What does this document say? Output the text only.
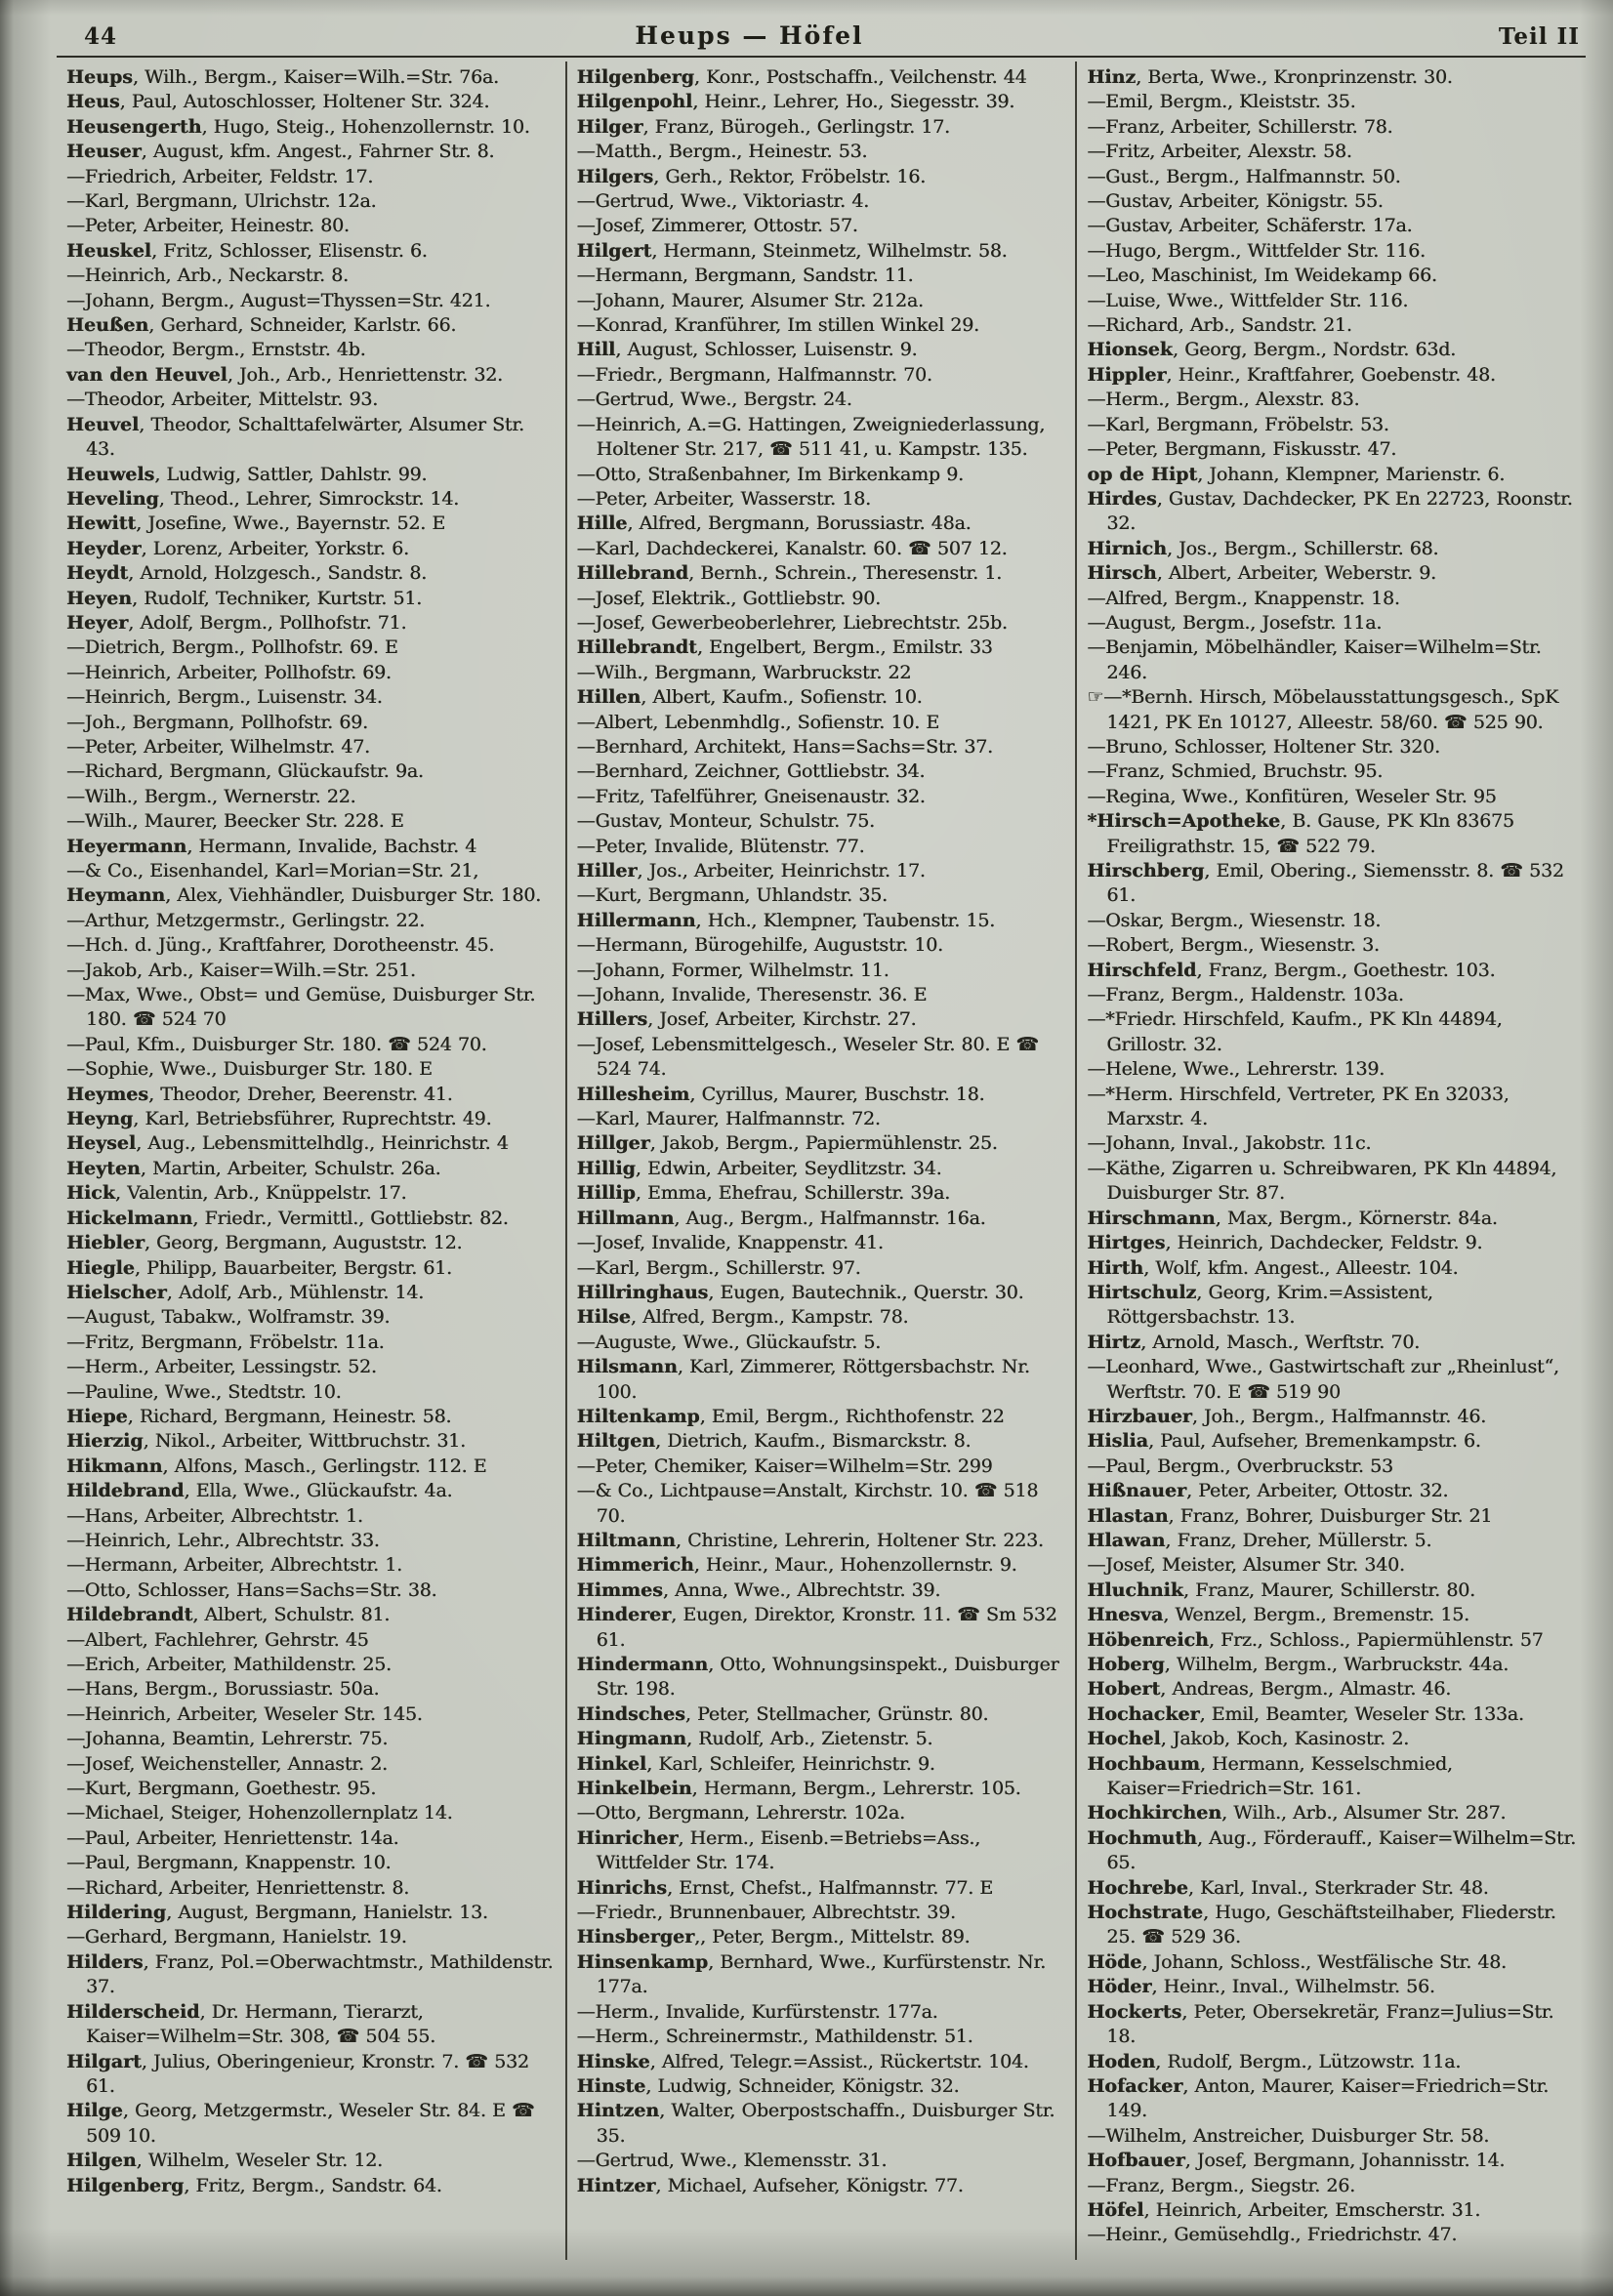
44	Heups — Höfel	Teil II

Heups, Wilh., Bergm., Kaiser=Wilh.=Str. 76a.

Heus, Paul, Autoschlosser, Holtener Str. 324.

Heusengerth, Hugo, Steig., Hohenzollernstr. 10.

Heuser, August, kfm. Angest., Fahrner Str. 8.

—Friedrich, Arbeiter, Feldstr. 17.

—Karl, Bergmann, Ulrichstr. 12a.

—Peter, Arbeiter, Heinestr. 80.

Heuskel, Fritz, Schlosser, Elisenstr. 6.

—Heinrich, Arb., Neckarstr. 8.

—Johann, Bergm., August=Thyssen=Str. 421.

Heußen, Gerhard, Schneider, Karlstr. 66.

—Theodor, Bergm., Ernststr. 4b.

van den Heuvel, Joh., Arb., Henriettenstr. 32.

—Theodor, Arbeiter, Mittelstr. 93.

Heuvel, Theodor, Schalttafelwärter, Alsumer Str. 43.

Heuwels, Ludwig, Sattler, Dahlstr. 99.

Heveling, Theod., Lehrer, Simrockstr. 14.

Hewitt, Josefine, Wwe., Bayernstr. 52. E

Heyder, Lorenz, Arbeiter, Yorkstr. 6.

Heydt, Arnold, Holzgesch., Sandstr. 8.

Heyen, Rudolf, Techniker, Kurtstr. 51.

Heyer, Adolf, Bergm., Pollhofstr. 71.

—Dietrich, Bergm., Pollhofstr. 69. E

—Heinrich, Arbeiter, Pollhofstr. 69.

—Heinrich, Bergm., Luisenstr. 34.

—Joh., Bergmann, Pollhofstr. 69.

—Peter, Arbeiter, Wilhelmstr. 47.

—Richard, Bergmann, Glückaufstr. 9a.

—Wilh., Bergm., Wernerstr. 22.

—Wilh., Maurer, Beecker Str. 228. E

Heyermann, Hermann, Invalide, Bachstr. 4

—& Co., Eisenhandel, Karl=Morian=Str. 21,

Heymann, Alex, Viehhändler, Duisburger Str. 180.

—Arthur, Metzgermstr., Gerlingstr. 22.

—Hch. d. Jüng., Kraftfahrer, Dorotheenstr. 45.

—Jakob, Arb., Kaiser=Wilh.=Str. 251.

—Max, Wwe., Obst= und Gemüse, Duisburger Str. 180. ☎ 524 70

—Paul, Kfm., Duisburger Str. 180. ☎ 524 70.

—Sophie, Wwe., Duisburger Str. 180. E

Heymes, Theodor, Dreher, Beerenstr. 41.

Heyng, Karl, Betriebsführer, Ruprechtstr. 49.

Heysel, Aug., Lebensmittelhdlg., Heinrichstr. 4

Heyten, Martin, Arbeiter, Schulstr. 26a.

Hick, Valentin, Arb., Knüppelstr. 17.

Hickelmann, Friedr., Vermittl., Gottliebstr. 82.

Hiebler, Georg, Bergmann, Auguststr. 12.

Hiegle, Philipp, Bauarbeiter, Bergstr. 61.

Hielscher, Adolf, Arb., Mühlenstr. 14.

—August, Tabakw., Wolframstr. 39.

—Fritz, Bergmann, Fröbelstr. 11a.

—Herm., Arbeiter, Lessingstr. 52.

—Pauline, Wwe., Stedtstr. 10.

Hiepe, Richard, Bergmann, Heinestr. 58.

Hierzig, Nikol., Arbeiter, Wittbruchstr. 31.

Hikmann, Alfons, Masch., Gerlingstr. 112. E

Hildebrand, Ella, Wwe., Glückaufstr. 4a.

—Hans, Arbeiter, Albrechtstr. 1.

—Heinrich, Lehr., Albrechtstr. 33.

—Hermann, Arbeiter, Albrechtstr. 1.

—Otto, Schlosser, Hans=Sachs=Str. 38.

Hildebrandt, Albert, Schulstr. 81.

—Albert, Fachlehrer, Gehrstr. 45

—Erich, Arbeiter, Mathildenstr. 25.

—Hans, Bergm., Borussiastr. 50a.

—Heinrich, Arbeiter, Weseler Str. 145.

—Johanna, Beamtin, Lehrerstr. 75.

—Josef, Weichensteller, Annastr. 2.

—Kurt, Bergmann, Goethestr. 95.

—Michael, Steiger, Hohenzollernplatz 14.

—Paul, Arbeiter, Henriettenstr. 14a.

—Paul, Bergmann, Knappenstr. 10.

—Richard, Arbeiter, Henriettenstr. 8.

Hildering, August, Bergmann, Hanielstr. 13.

—Gerhard, Bergmann, Hanielstr. 19.

Hilders, Franz, Pol.=Oberwachtmstr., Mathildenstr. 37.

Hilderscheid, Dr. Hermann, Tierarzt, Kaiser=Wilhelm=Str. 308, ☎ 504 55.

Hilgart, Julius, Oberingenieur, Kronstr. 7. ☎ 532 61.

Hilge, Georg, Metzgermstr., Weseler Str. 84. E ☎ 509 10.

Hilgen, Wilhelm, Weseler Str. 12.

Hilgenberg, Fritz, Bergm., Sandstr. 64.

Hilgenberg, Konr., Postschaffn., Veilchenstr. 44

Hilgenpohl, Heinr., Lehrer, Ho., Siegesstr. 39.

Hilger, Franz, Bürogeh., Gerlingstr. 17.

—Matth., Bergm., Heinestr. 53.

Hilgers, Gerh., Rektor, Fröbelstr. 16.

—Gertrud, Wwe., Viktoriastr. 4.

—Josef, Zimmerer, Ottostr. 57.

Hilgert, Hermann, Steinmetz, Wilhelmstr. 58.

—Hermann, Bergmann, Sandstr. 11.

—Johann, Maurer, Alsumer Str. 212a.

—Konrad, Kranführer, Im stillen Winkel 29.

Hill, August, Schlosser, Luisenstr. 9.

—Friedr., Bergmann, Halfmannstr. 70.

—Gertrud, Wwe., Bergstr. 24.

—Heinrich, A.=G. Hattingen, Zweigniederlassung, Holtener Str. 217, ☎ 511 41, u. Kampstr. 135.

—Otto, Straßenbahner, Im Birkenkamp 9.

—Peter, Arbeiter, Wasserstr. 18.

Hille, Alfred, Bergmann, Borussiastr. 48a.

—Karl, Dachdeckerei, Kanalstr. 60. ☎ 507 12.

Hillebrand, Bernh., Schrein., Theresenstr. 1.

—Josef, Elektrik., Gottliebstr. 90.

—Josef, Gewerbeoberlehrer, Liebrechtstr. 25b.

Hillebrandt, Engelbert, Bergm., Emilstr. 33

—Wilh., Bergmann, Warbruckstr. 22

Hillen, Albert, Kaufm., Sofienstr. 10.

—Albert, Lebenmhdlg., Sofienstr. 10. E

—Bernhard, Architekt, Hans=Sachs=Str. 37.

—Bernhard, Zeichner, Gottliebstr. 34.

—Fritz, Tafelführer, Gneisenaustr. 32.

—Gustav, Monteur, Schulstr. 75.

—Peter, Invalide, Blütenstr. 77.

Hiller, Jos., Arbeiter, Heinrichstr. 17.

—Kurt, Bergmann, Uhlandstr. 35.

Hillermann, Hch., Klempner, Taubenstr. 15.

—Hermann, Bürogehilfe, Auguststr. 10.

—Johann, Former, Wilhelmstr. 11.

—Johann, Invalide, Theresenstr. 36. E

Hillers, Josef, Arbeiter, Kirchstr. 27.

—Josef, Lebensmittelgesch., Weseler Str. 80. E ☎ 524 74.

Hillesheim, Cyrillus, Maurer, Buschstr. 18.

—Karl, Maurer, Halfmannstr. 72.

Hillger, Jakob, Bergm., Papiermühlenstr. 25.

Hillig, Edwin, Arbeiter, Seydlitzstr. 34.

Hillip, Emma, Ehefrau, Schillerstr. 39a.

Hillmann, Aug., Bergm., Halfmannstr. 16a.

—Josef, Invalide, Knappenstr. 41.

—Karl, Bergm., Schillerstr. 97.

Hillringhaus, Eugen, Bautechnik., Querstr. 30.

Hilse, Alfred, Bergm., Kampstr. 78.

—Auguste, Wwe., Glückaufstr. 5.

Hilsmann, Karl, Zimmerer, Röttgersbachstr. Nr. 100.

Hiltenkamp, Emil, Bergm., Richthofenstr. 22

Hiltgen, Dietrich, Kaufm., Bismarckstr. 8.

—Peter, Chemiker, Kaiser=Wilhelm=Str. 299

—& Co., Lichtpause=Anstalt, Kirchstr. 10. ☎ 518 70.

Hiltmann, Christine, Lehrerin, Holtener Str. 223.

Himmerich, Heinr., Maur., Hohenzollernstr. 9.

Himmes, Anna, Wwe., Albrechtstr. 39.

Hinderer, Eugen, Direktor, Kronstr. 11. ☎ Sm 532 61.

Hindermann, Otto, Wohnungsinspekt., Duisburger Str. 198.

Hindsches, Peter, Stellmacher, Grünstr. 80.

Hingmann, Rudolf, Arb., Zietenstr. 5.

Hinkel, Karl, Schleifer, Heinrichstr. 9.

Hinkelbein, Hermann, Bergm., Lehrerstr. 105.

—Otto, Bergmann, Lehrerstr. 102a.

Hinricher, Herm., Eisenb.=Betriebs=Ass., Wittfelder Str. 174.

Hinrichs, Ernst, Chefst., Halfmannstr. 77. E

—Friedr., Brunnenbauer, Albrechtstr. 39.

Hinsberger,, Peter, Bergm., Mittelstr. 89.

Hinsenkamp, Bernhard, Wwe., Kurfürstenstr. Nr. 177a.

—Herm., Invalide, Kurfürstenstr. 177a.

—Herm., Schreinermstr., Mathildenstr. 51.

Hinske, Alfred, Telegr.=Assist., Rückertstr. 104.

Hinste, Ludwig, Schneider, Königstr. 32.

Hintzen, Walter, Oberpostschaffn., Duisburger Str. 35.

—Gertrud, Wwe., Klemensstr. 31.

Hintzer, Michael, Aufseher, Königstr. 77.

Hinz, Berta, Wwe., Kronprinzenstr. 30.

—Emil, Bergm., Kleiststr. 35.

—Franz, Arbeiter, Schillerstr. 78.

—Fritz, Arbeiter, Alexstr. 58.

—Gust., Bergm., Halfmannstr. 50.

—Gustav, Arbeiter, Königstr. 55.

—Gustav, Arbeiter, Schäferstr. 17a.

—Hugo, Bergm., Wittfelder Str. 116.

—Leo, Maschinist, Im Weidekamp 66.

—Luise, Wwe., Wittfelder Str. 116.

—Richard, Arb., Sandstr. 21.

Hionsek, Georg, Bergm., Nordstr. 63d.

Hippler, Heinr., Kraftfahrer, Goebenstr. 48.

—Herm., Bergm., Alexstr. 83.

—Karl, Bergmann, Fröbelstr. 53.

—Peter, Bergmann, Fiskusstr. 47.

op de Hipt, Johann, Klempner, Marienstr. 6.

Hirdes, Gustav, Dachdecker, PK En 22723, Roonstr. 32.

Hirnich, Jos., Bergm., Schillerstr. 68.

Hirsch, Albert, Arbeiter, Weberstr. 9.

—Alfred, Bergm., Knappenstr. 18.

—August, Bergm., Josefstr. 11a.

—Benjamin, Möbelhändler, Kaiser=Wilhelm=Str. 246.

☞—*Bernh. Hirsch, Möbelausstattungsgesch., SpK 1421, PK En 10127, Alleestr. 58/60. ☎ 525 90.

—Bruno, Schlosser, Holtener Str. 320.

—Franz, Schmied, Bruchstr. 95.

—Regina, Wwe., Konfitüren, Weseler Str. 95

*Hirsch=Apotheke, B. Gause, PK Kln 83675 Freiligrathstr. 15, ☎ 522 79.

Hirschberg, Emil, Obering., Siemensstr. 8. ☎ 532 61.

—Oskar, Bergm., Wiesenstr. 18.

—Robert, Bergm., Wiesenstr. 3.

Hirschfeld, Franz, Bergm., Goethestr. 103.

—Franz, Bergm., Haldenstr. 103a.

—*Friedr. Hirschfeld, Kaufm., PK Kln 44894, Grillostr. 32.

—Helene, Wwe., Lehrerstr. 139.

—*Herm. Hirschfeld, Vertreter, PK En 32033, Marxstr. 4.

—Johann, Inval., Jakobstr. 11c.

—Käthe, Zigarren u. Schreibwaren, PK Kln 44894, Duisburger Str. 87.

Hirschmann, Max, Bergm., Körnerstr. 84a.

Hirtges, Heinrich, Dachdecker, Feldstr. 9.

Hirth, Wolf, kfm. Angest., Alleestr. 104.

Hirtschulz, Georg, Krim.=Assistent, Röttgersbachstr. 13.

Hirtz, Arnold, Masch., Werftstr. 70.

—Leonhard, Wwe., Gastwirtschaft zur „Rheinlust“, Werftstr. 70. E ☎ 519 90

Hirzbauer, Joh., Bergm., Halfmannstr. 46.

Hislia, Paul, Aufseher, Bremenkampstr. 6.

—Paul, Bergm., Overbruckstr. 53

Hißnauer, Peter, Arbeiter, Ottostr. 32.

Hlastan, Franz, Bohrer, Duisburger Str. 21

Hlawan, Franz, Dreher, Müllerstr. 5.

—Josef, Meister, Alsumer Str. 340.

Hluchnik, Franz, Maurer, Schillerstr. 80.

Hnesva, Wenzel, Bergm., Bremenstr. 15.

Höbenreich, Frz., Schloss., Papiermühlenstr. 57

Hoberg, Wilhelm, Bergm., Warbruckstr. 44a.

Hobert, Andreas, Bergm., Almastr. 46.

Hochacker, Emil, Beamter, Weseler Str. 133a.

Hochel, Jakob, Koch, Kasinostr. 2.

Hochbaum, Hermann, Kesselschmied, Kaiser=Friedrich=Str. 161.

Hochkirchen, Wilh., Arb., Alsumer Str. 287.

Hochmuth, Aug., Förderauff., Kaiser=Wilhelm=Str. 65.

Hochrebe, Karl, Inval., Sterkrader Str. 48.

Hochstrate, Hugo, Geschäftsteilhaber, Fliederstr. 25. ☎ 529 36.

Höde, Johann, Schloss., Westfälische Str. 48.

Höder, Heinr., Inval., Wilhelmstr. 56.

Hockerts, Peter, Obersekretär, Franz=Julius=Str. 18.

Hoden, Rudolf, Bergm., Lützowstr. 11a.

Hofacker, Anton, Maurer, Kaiser=Friedrich=Str. 149.

—Wilhelm, Anstreicher, Duisburger Str. 58.

Hofbauer, Josef, Bergmann, Johannisstr. 14.

—Franz, Bergm., Siegstr. 26.

Höfel, Heinrich, Arbeiter, Emscherstr. 31.

—Heinr., Gemüsehdlg., Friedrichstr. 47.
